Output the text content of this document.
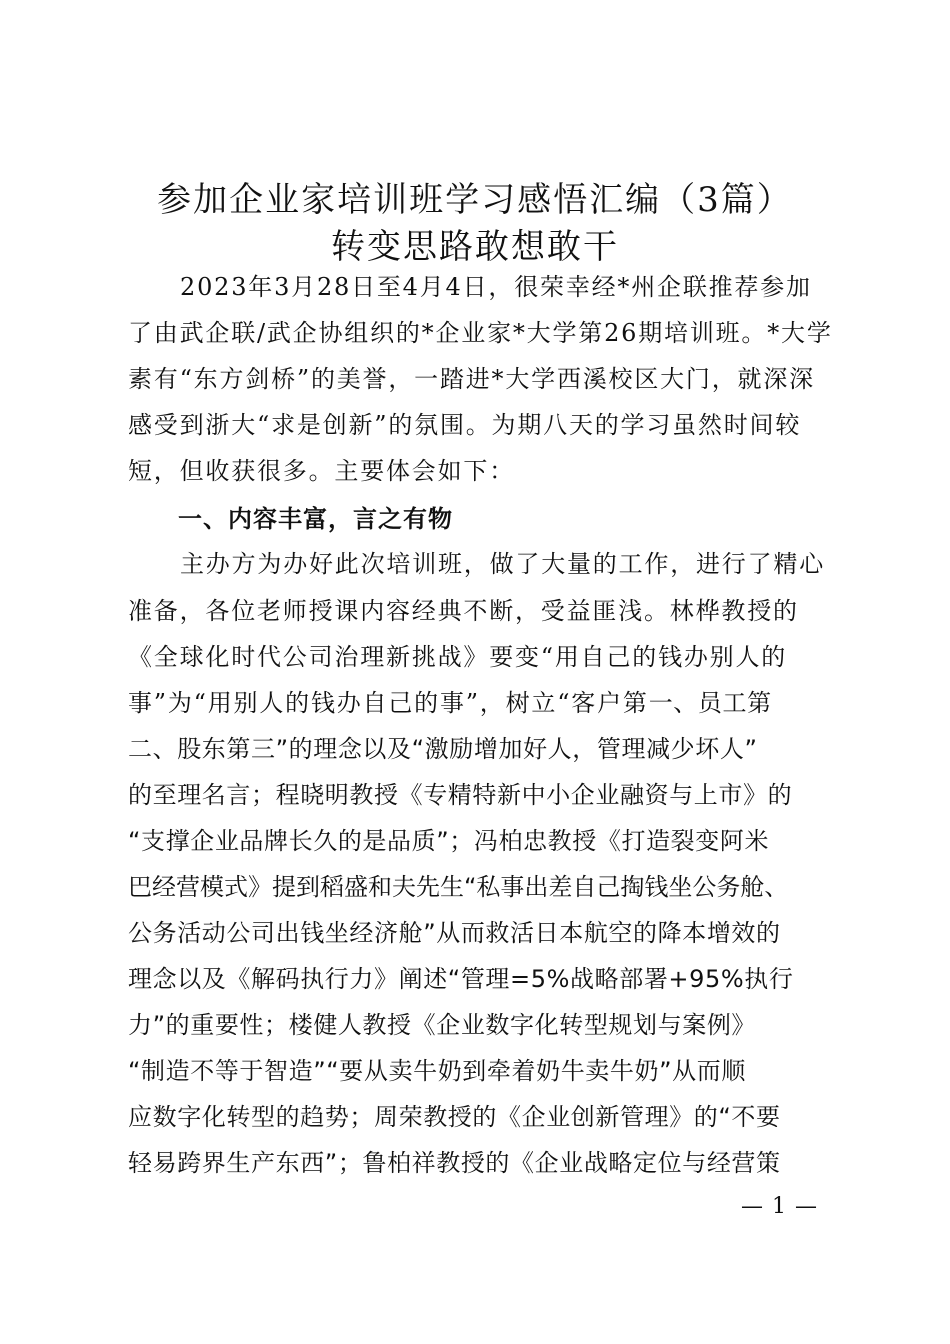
参加企业家培训班学习感悟汇编（3篇）
转变思路敢想敢干
2023年3月28日至4月4日，很荣幸经*州企联推荐参加
了由武企联/武企协组织的*企业家*大学第26期培训班。*大学
素有“东方剑桥”的美誉，一踏进*大学西溪校区大门，就深深
感受到浙大“求是创新”的氛围。为期八天的学习虽然时间较
短，但收获很多。主要体会如下：
一、内容丰富，言之有物
主办方为办好此次培训班，做了大量的工作，进行了精心
准备，各位老师授课内容经典不断，受益匪浅。林桦教授的
《全球化时代公司治理新挑战》要变“用自己的钱办别人的
事”为“用别人的钱办自己的事”，树立“客户第一、员工第
二、股东第三”的理念以及“激励增加好人，管理减少坏人”
的至理名言；程晓明教授《专精特新中小企业融资与上市》的
“支撑企业品牌长久的是品质”；冯柏忠教授《打造裂变阿米
巴经营模式》提到稻盛和夫先生“私事出差自己掏钱坐公务舱、
公务活动公司出钱坐经济舱”从而救活日本航空的降本增效的
理念以及《解码执行力》阐述“管理=5%战略部署+95%执行
力”的重要性；楼健人教授《企业数字化转型规划与案例》
“制造不等于智造”“要从卖牛奶到牵着奶牛卖牛奶”从而顺
应数字化转型的趋势；周荣教授的《企业创新管理》的“不要
轻易跨界生产东西”；鲁柏祥教授的《企业战略定位与经营策
— 1 —
